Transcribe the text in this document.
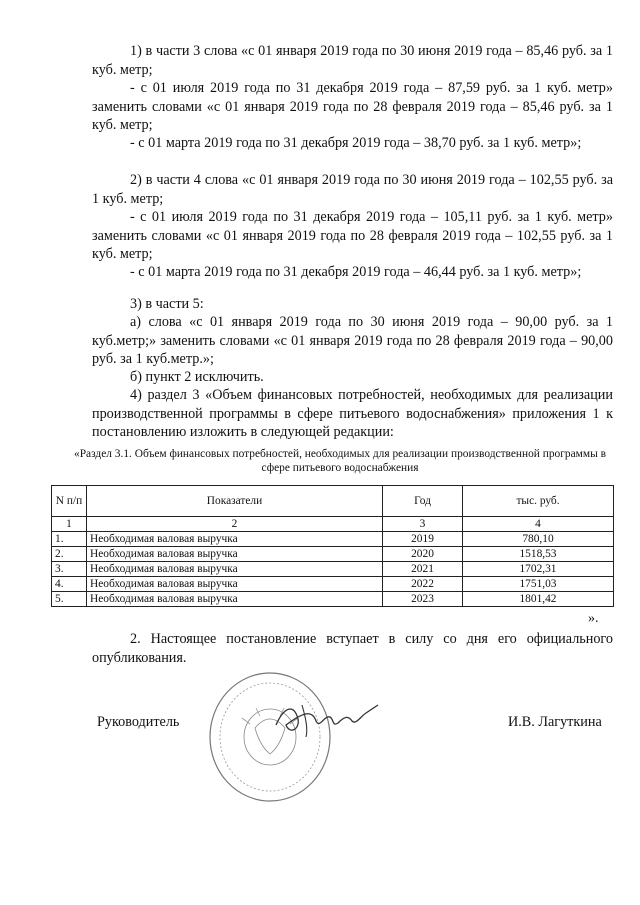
1) в части 3 слова «с 01 января 2019 года по 30 июня 2019 года – 85,46 руб. за 1 куб. метр;

- с 01 июля 2019 года по 31 декабря 2019 года – 87,59 руб. за 1 куб. метр» заменить словами «с 01 января 2019 года по 28 февраля 2019 года – 85,46 руб. за 1 куб. метр;

- с 01 марта 2019 года по 31 декабря 2019 года – 38,70 руб. за 1 куб. метр»;

2) в части 4 слова «с 01 января 2019 года по 30 июня 2019 года – 102,55 руб. за 1 куб. метр;

- с 01 июля 2019 года по 31 декабря 2019 года – 105,11 руб. за 1 куб. метр» заменить словами «с 01 января 2019 года по 28 февраля 2019 года – 102,55 руб. за 1 куб. метр;

- с 01 марта 2019 года по 31 декабря 2019 года – 46,44 руб. за 1 куб. метр»;

3) в части 5:

а) слова «с 01 января 2019 года по 30 июня 2019 года – 90,00 руб. за 1 куб.метр;» заменить словами «с 01 января 2019 года по 28 февраля 2019 года – 90,00 руб. за 1 куб.метр.»;

б) пункт 2 исключить.

4) раздел 3 «Объем финансовых потребностей, необходимых для реализации производственной программы в сфере питьевого водоснабжения» приложения 1 к постановлению изложить в следующей редакции:

«Раздел 3.1. Объем финансовых потребностей, необходимых для реализации производственной программы в сфере питьевого водоснабжения

N п/п	Показатели	Год	тыс. руб.
1	2	3	4
1.	Необходимая валовая выручка	2019	780,10
2.	Необходимая валовая выручка	2020	1518,53
3.	Необходимая валовая выручка	2021	1702,31
4.	Необходимая валовая выручка	2022	1751,03
5.	Необходимая валовая выручка	2023	1801,42
».

2. Настоящее постановление вступает в силу со дня его официального опубликования.

Руководитель	И.В. Лагуткина
